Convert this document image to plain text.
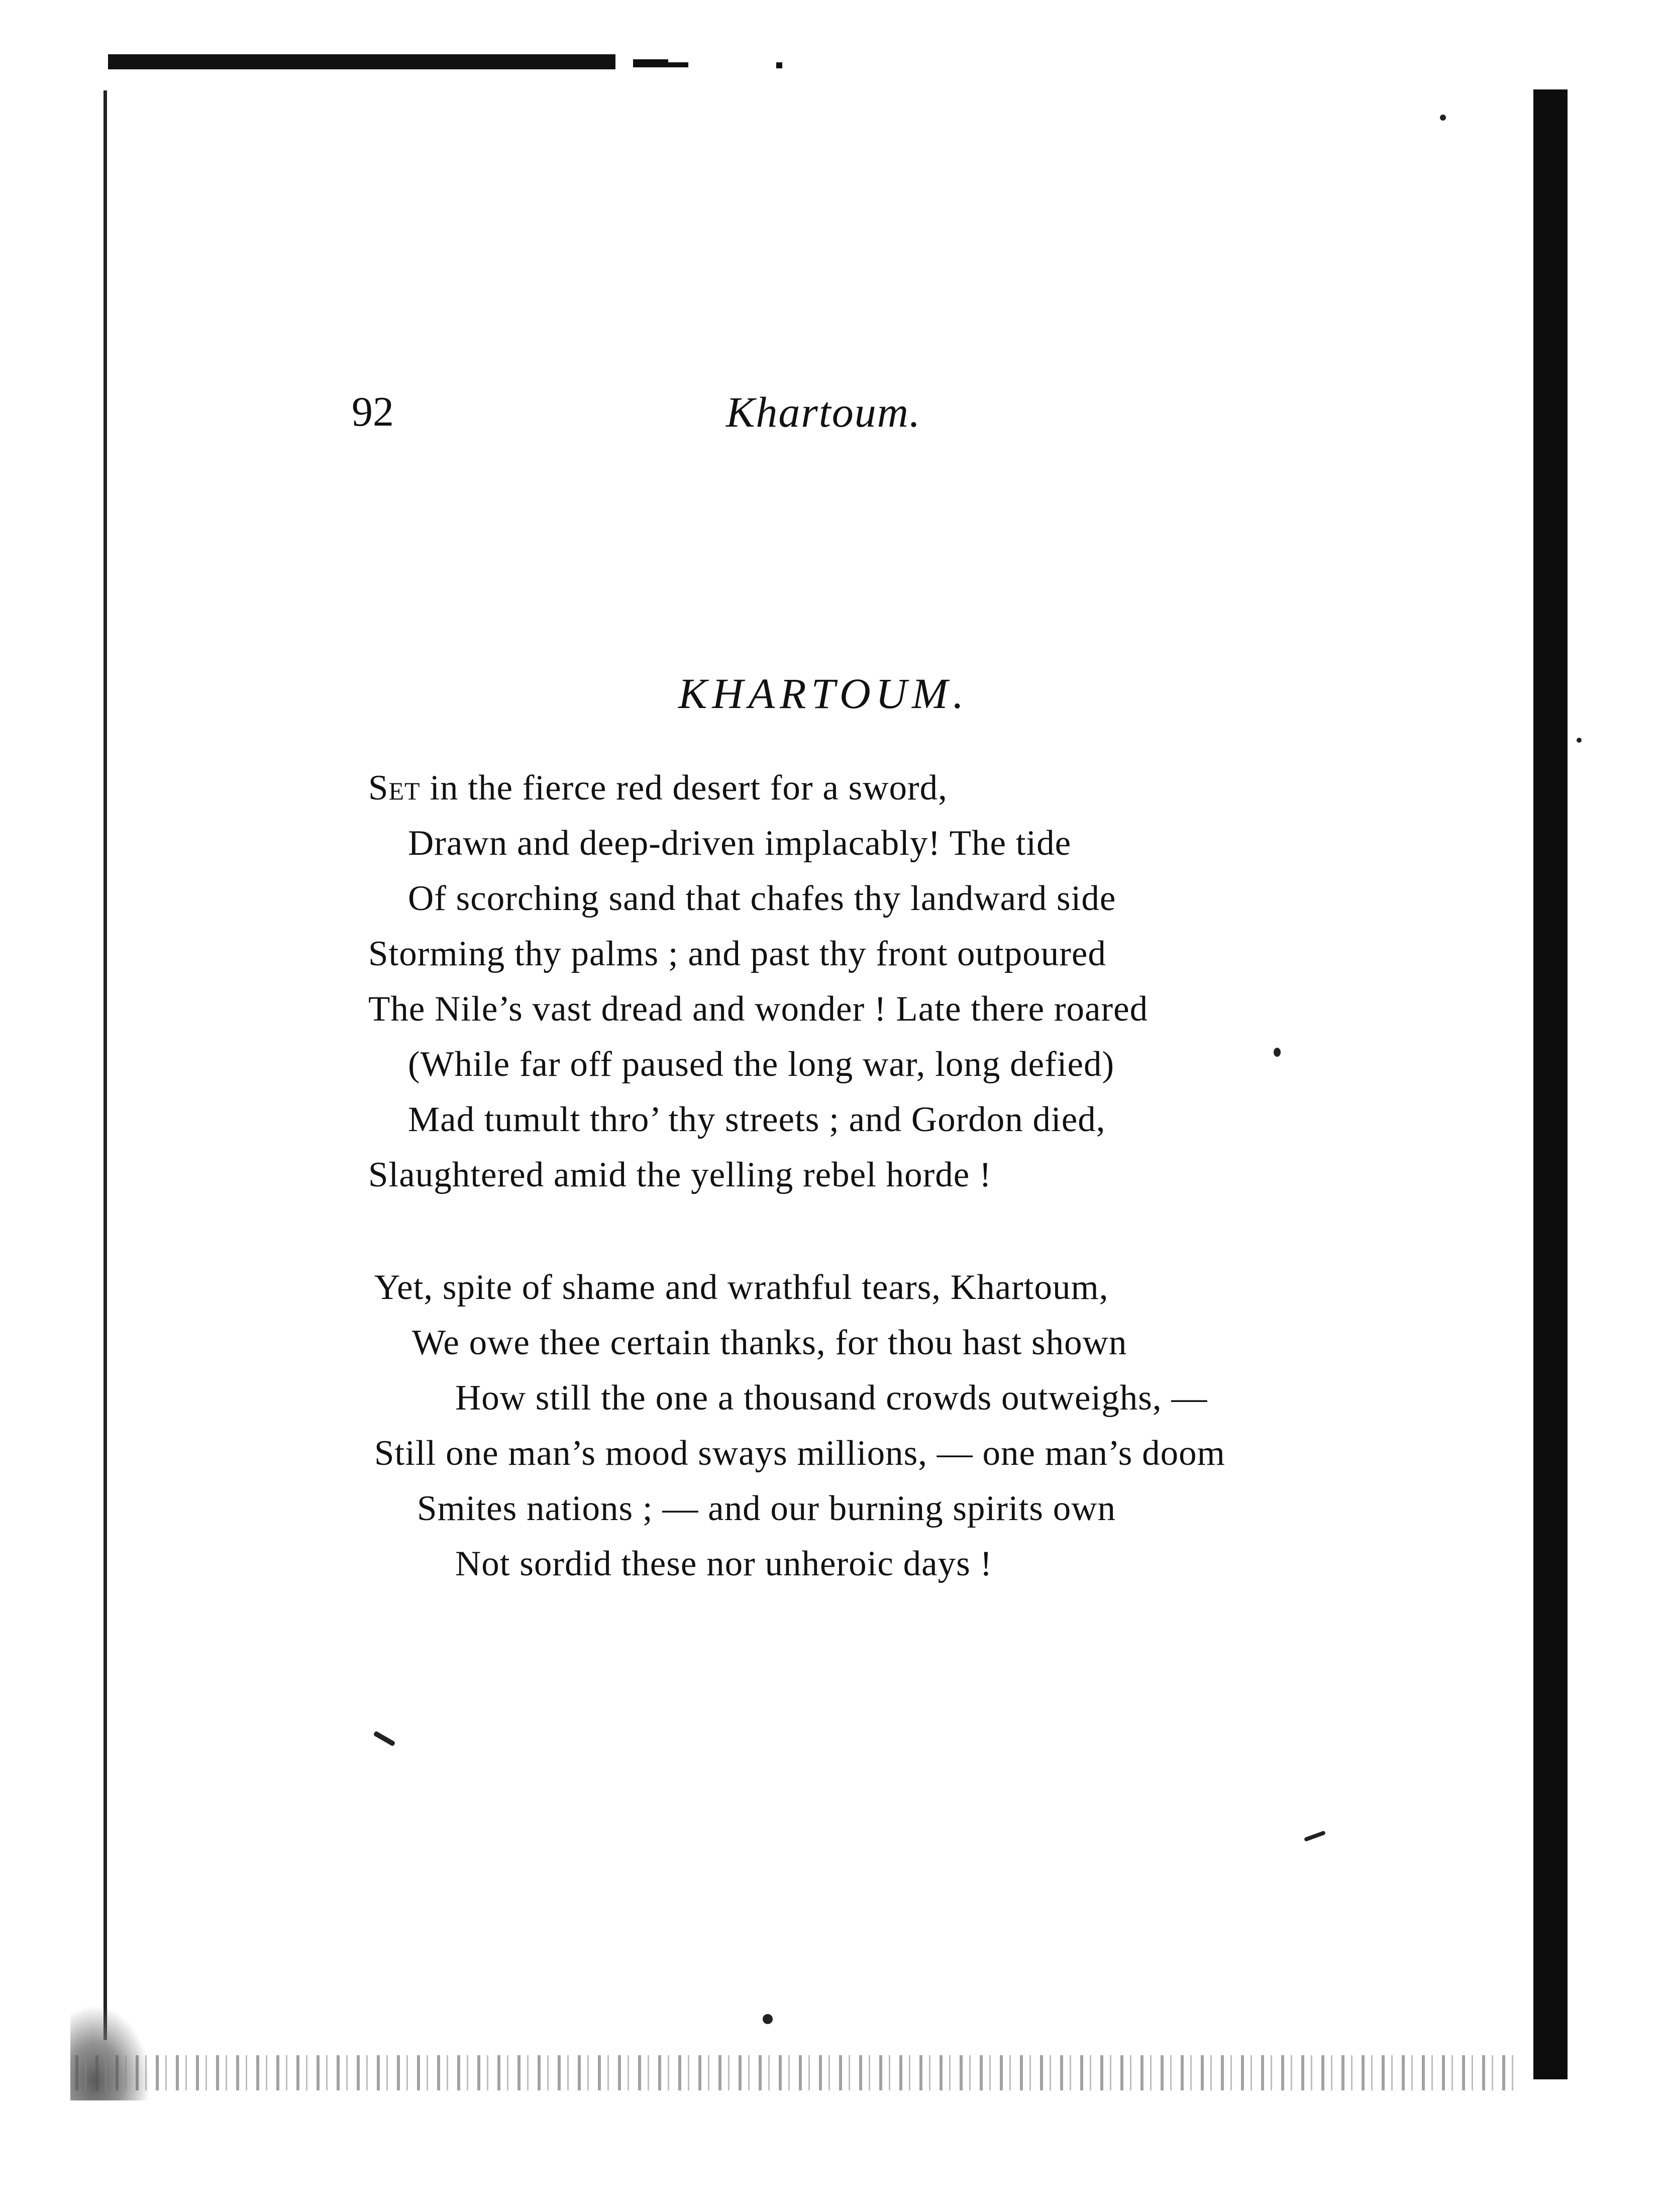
92	Khartoum.
KHARTOUM.
Set in the fierce red desert for a sword,
Drawn and deep-driven implacably! The tide
Of scorching sand that chafes thy landward side
Storming thy palms ; and past thy front outpoured
The Nile’s vast dread and wonder ! Late there roared
(While far off paused the long war, long defied)
Mad tumult thro’ thy streets ; and Gordon died,
Slaughtered amid the yelling rebel horde !
Yet, spite of shame and wrathful tears, Khartoum,
We owe thee certain thanks, for thou hast shown
How still the one a thousand crowds outweighs, —
Still one man’s mood sways millions, — one man’s doom
Smites nations ; — and our burning spirits own
Not sordid these nor unheroic days !
